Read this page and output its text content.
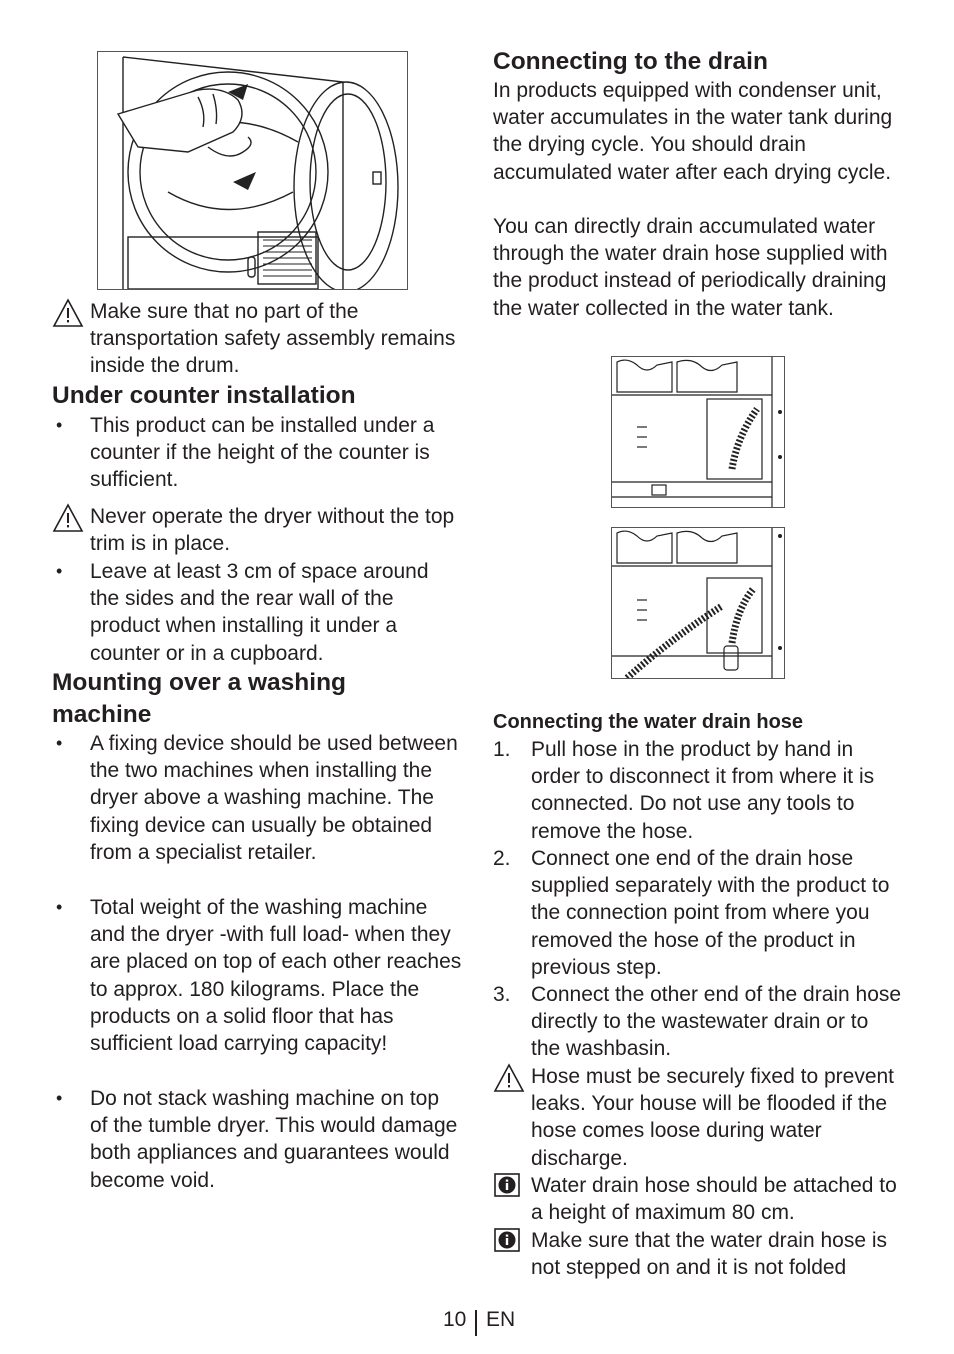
Make sure that no part of the transportation safety assembly remains inside the drum.
Under counter installation
•	This product can be installed under a counter if the height of the counter is sufficient.
Never operate the dryer without the top trim is in place.
•	Leave at least 3 cm of space around the sides and the rear wall of the product when installing it under a counter or in a cupboard.
Mounting over a washing
machine
•	A fixing device should be used between the two machines when installing the dryer above a washing machine. The fixing device can usually be obtained from a specialist retailer.
•	Total weight of the washing machine and the dryer -with full load- when they are placed on top of each other reaches to approx. 180 kilograms. Place the products on a solid floor that has sufficient load carrying capacity!
•	Do not stack washing machine on top of the tumble dryer. This would damage both appliances and guarantees would become void.
Connecting to the drain
In products equipped with condenser unit, water accumulates in the water tank during the drying cycle. You should drain accumulated water after each drying cycle.
You can directly drain accumulated water through the water drain hose supplied with the product instead of periodically draining the water collected in the water tank.
Connecting the water drain hose
1. Pull hose in the product by hand in order to disconnect it from where it is connected. Do not use any tools to remove the hose.
2. Connect one end of the drain hose supplied separately with the product to the connection point from where you removed the hose of the product in previous step.
3. Connect the other end of the drain hose directly to the wastewater drain or to the washbasin.
Hose must be securely fixed to prevent leaks. Your house will be flooded if the hose comes loose during water discharge.
Water drain hose should be attached to a height of maximum 80 cm.
Make sure that the water drain hose is not stepped on and it is not folded
10 EN
